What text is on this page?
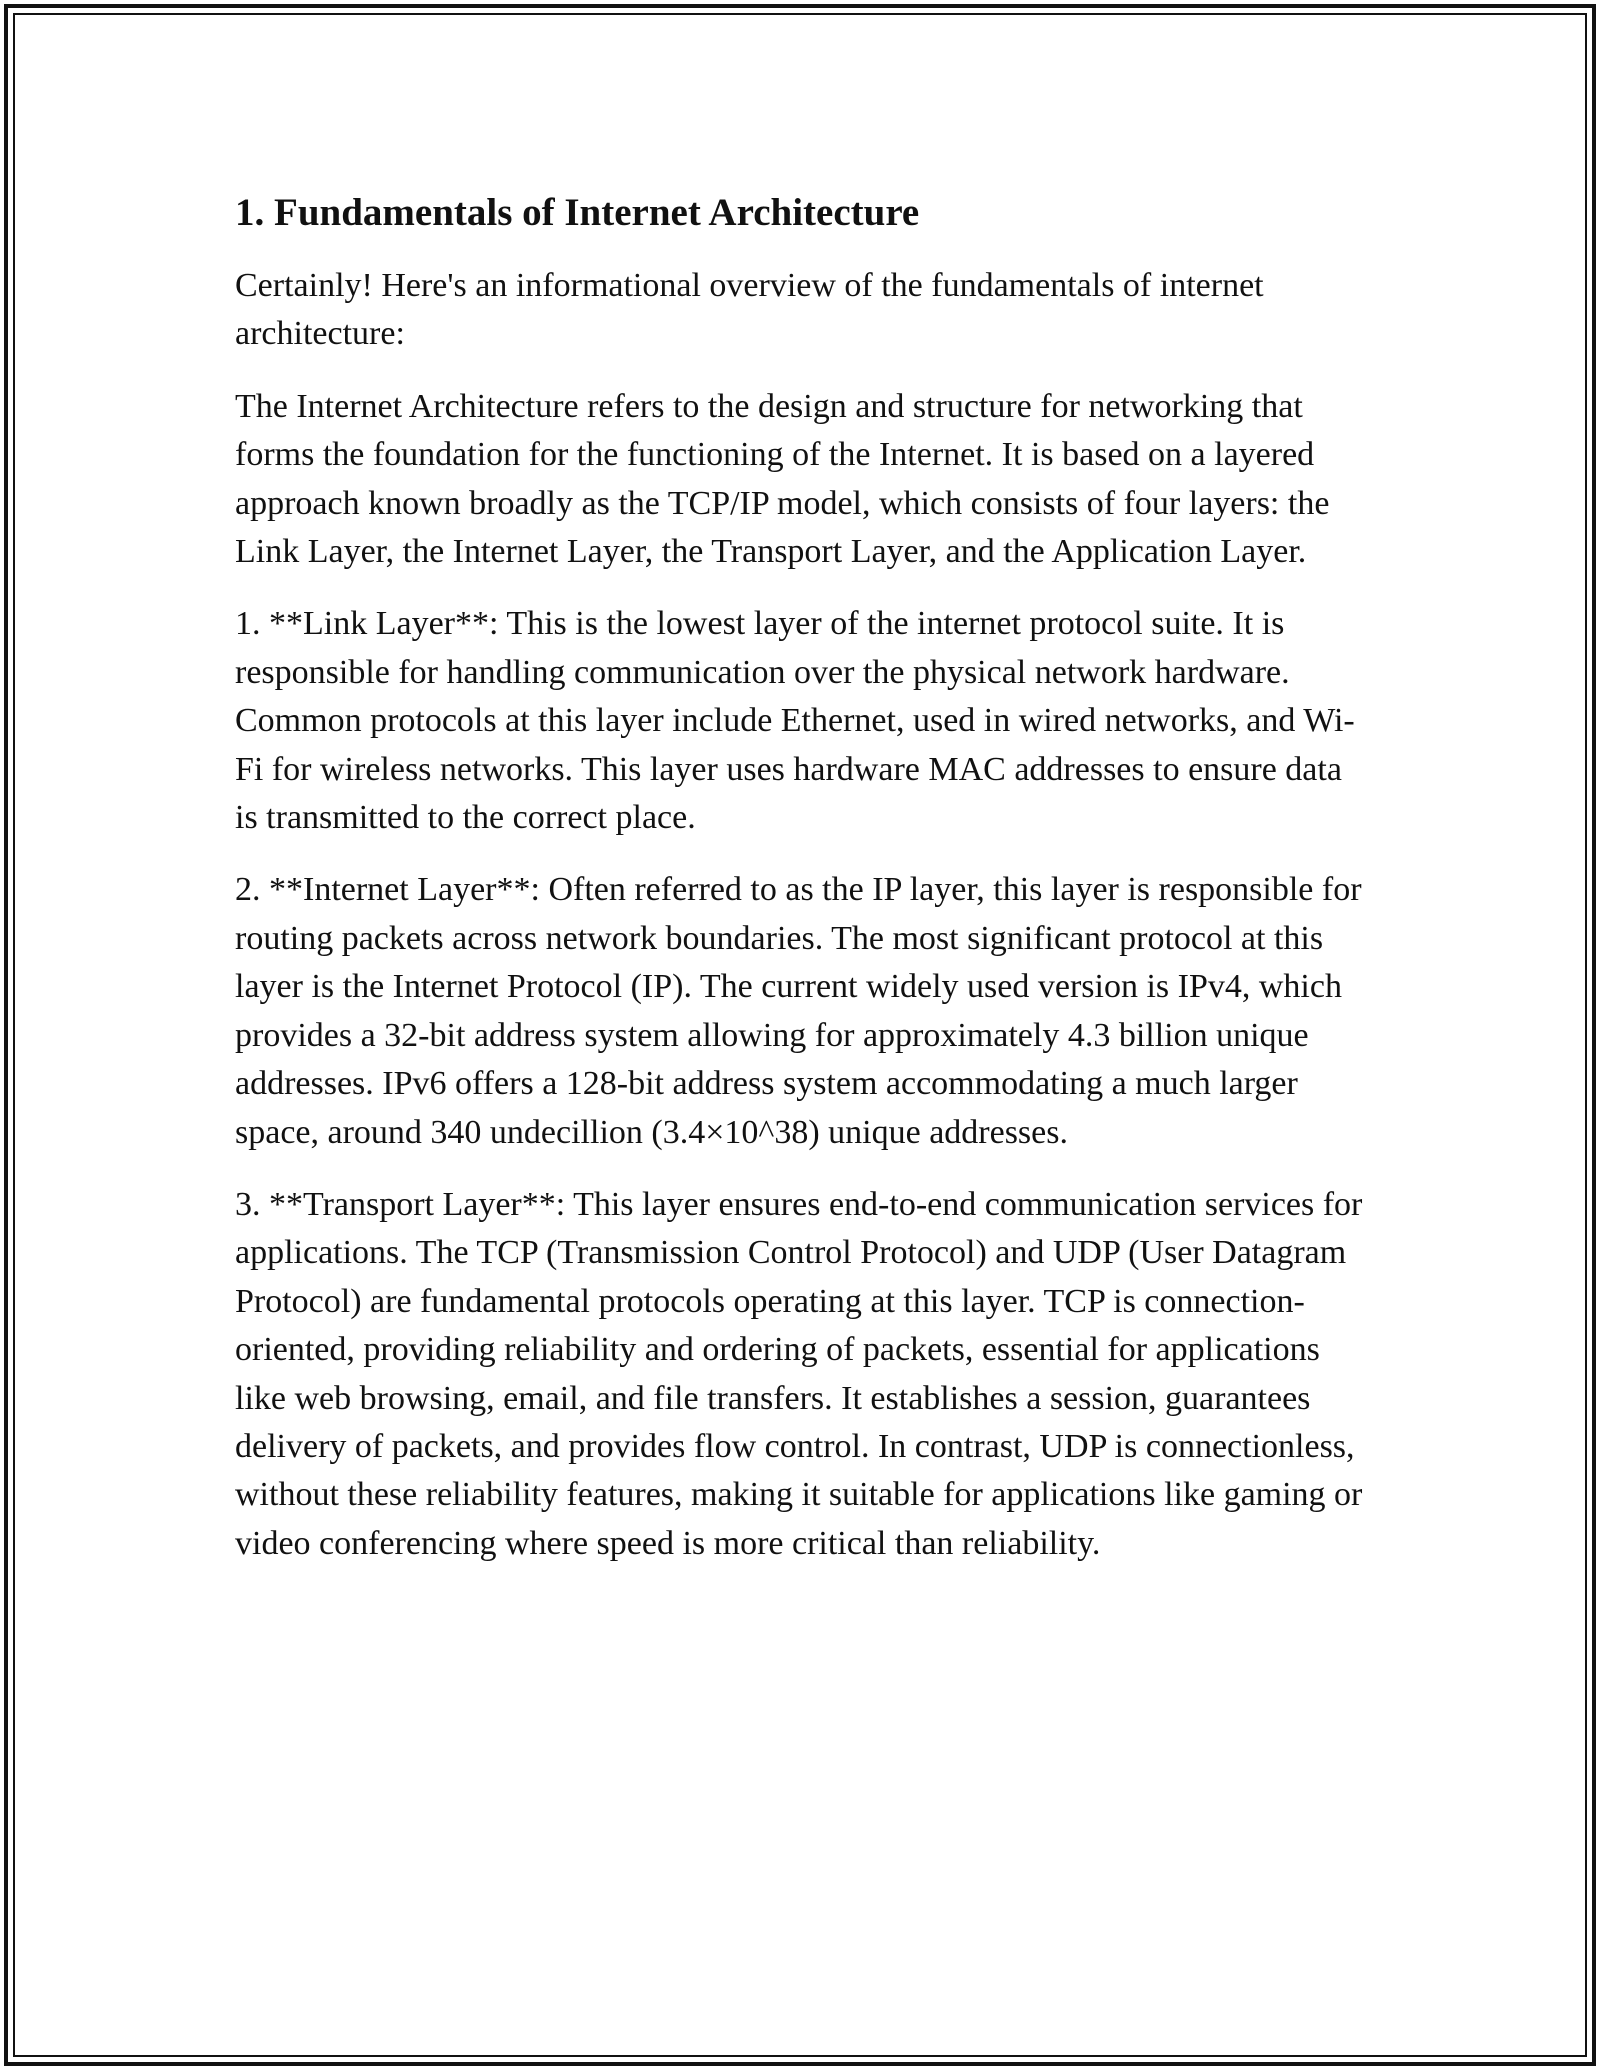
1. Fundamentals of Internet Architecture

Certainly! Here's an informational overview of the fundamentals of internet architecture:

The Internet Architecture refers to the design and structure for networking that forms the foundation for the functioning of the Internet. It is based on a layered approach known broadly as the TCP/IP model, which consists of four layers: the Link Layer, the Internet Layer, the Transport Layer, and the Application Layer.

1. **Link Layer**: This is the lowest layer of the internet protocol suite. It is responsible for handling communication over the physical network hardware. Common protocols at this layer include Ethernet, used in wired networks, and Wi-Fi for wireless networks. This layer uses hardware MAC addresses to ensure data is transmitted to the correct place.

2. **Internet Layer**: Often referred to as the IP layer, this layer is responsible for routing packets across network boundaries. The most significant protocol at this layer is the Internet Protocol (IP). The current widely used version is IPv4, which provides a 32-bit address system allowing for approximately 4.3 billion unique addresses. IPv6 offers a 128-bit address system accommodating a much larger space, around 340 undecillion (3.4×10^38) unique addresses.

3. **Transport Layer**: This layer ensures end-to-end communication services for applications. The TCP (Transmission Control Protocol) and UDP (User Datagram Protocol) are fundamental protocols operating at this layer. TCP is connection-oriented, providing reliability and ordering of packets, essential for applications like web browsing, email, and file transfers. It establishes a session, guarantees delivery of packets, and provides flow control. In contrast, UDP is connectionless, without these reliability features, making it suitable for applications like gaming or video conferencing where speed is more critical than reliability.
